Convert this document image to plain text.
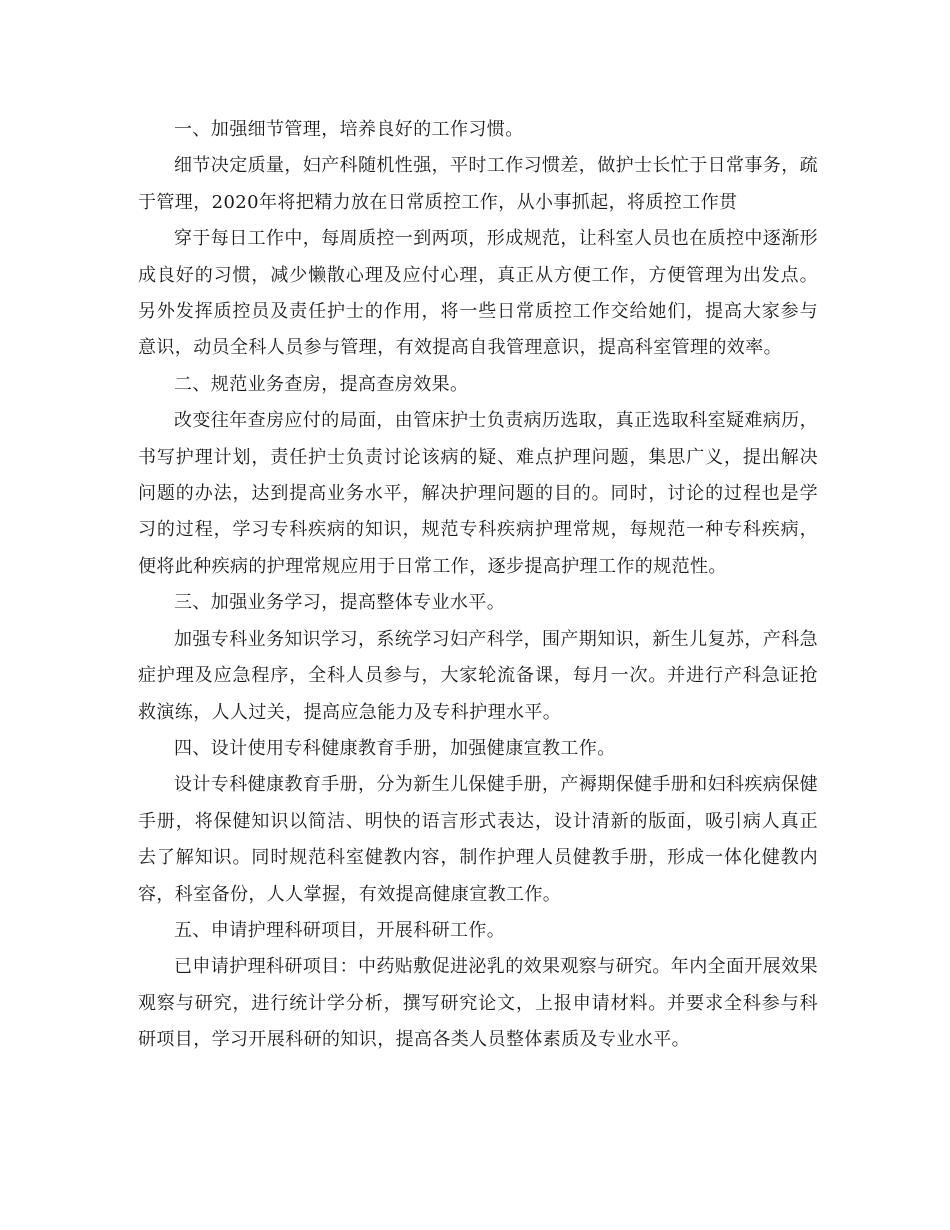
一、加强细节管理，培养良好的工作习惯。

细节决定质量，妇产科随机性强，平时工作习惯差，做护士长忙于日常事务，疏于管理，2020年将把精力放在日常质控工作，从小事抓起，将质控工作贯

穿于每日工作中，每周质控一到两项，形成规范，让科室人员也在质控中逐渐形成良好的习惯，减少懒散心理及应付心理，真正从方便工作，方便管理为出发点。另外发挥质控员及责任护士的作用，将一些日常质控工作交给她们，提高大家参与意识，动员全科人员参与管理，有效提高自我管理意识，提高科室管理的效率。

二、规范业务查房，提高查房效果。

改变往年查房应付的局面，由管床护士负责病历选取，真正选取科室疑难病历，书写护理计划，责任护士负责讨论该病的疑、难点护理问题，集思广义，提出解决问题的办法，达到提高业务水平，解决护理问题的目的。同时，讨论的过程也是学习的过程，学习专科疾病的知识，规范专科疾病护理常规，每规范一种专科疾病，便将此种疾病的护理常规应用于日常工作，逐步提高护理工作的规范性。

三、加强业务学习，提高整体专业水平。

加强专科业务知识学习，系统学习妇产科学，围产期知识，新生儿复苏，产科急症护理及应急程序，全科人员参与，大家轮流备课，每月一次。并进行产科急证抢救演练，人人过关，提高应急能力及专科护理水平。

四、设计使用专科健康教育手册，加强健康宣教工作。

设计专科健康教育手册，分为新生儿保健手册，产褥期保健手册和妇科疾病保健手册，将保健知识以简洁、明快的语言形式表达，设计清新的版面，吸引病人真正去了解知识。同时规范科室健教内容，制作护理人员健教手册，形成一体化健教内容，科室备份，人人掌握，有效提高健康宣教工作。

五、申请护理科研项目，开展科研工作。

已申请护理科研项目：中药贴敷促进泌乳的效果观察与研究。年内全面开展效果观察与研究，进行统计学分析，撰写研究论文，上报申请材料。并要求全科参与科研项目，学习开展科研的知识，提高各类人员整体素质及专业水平。
